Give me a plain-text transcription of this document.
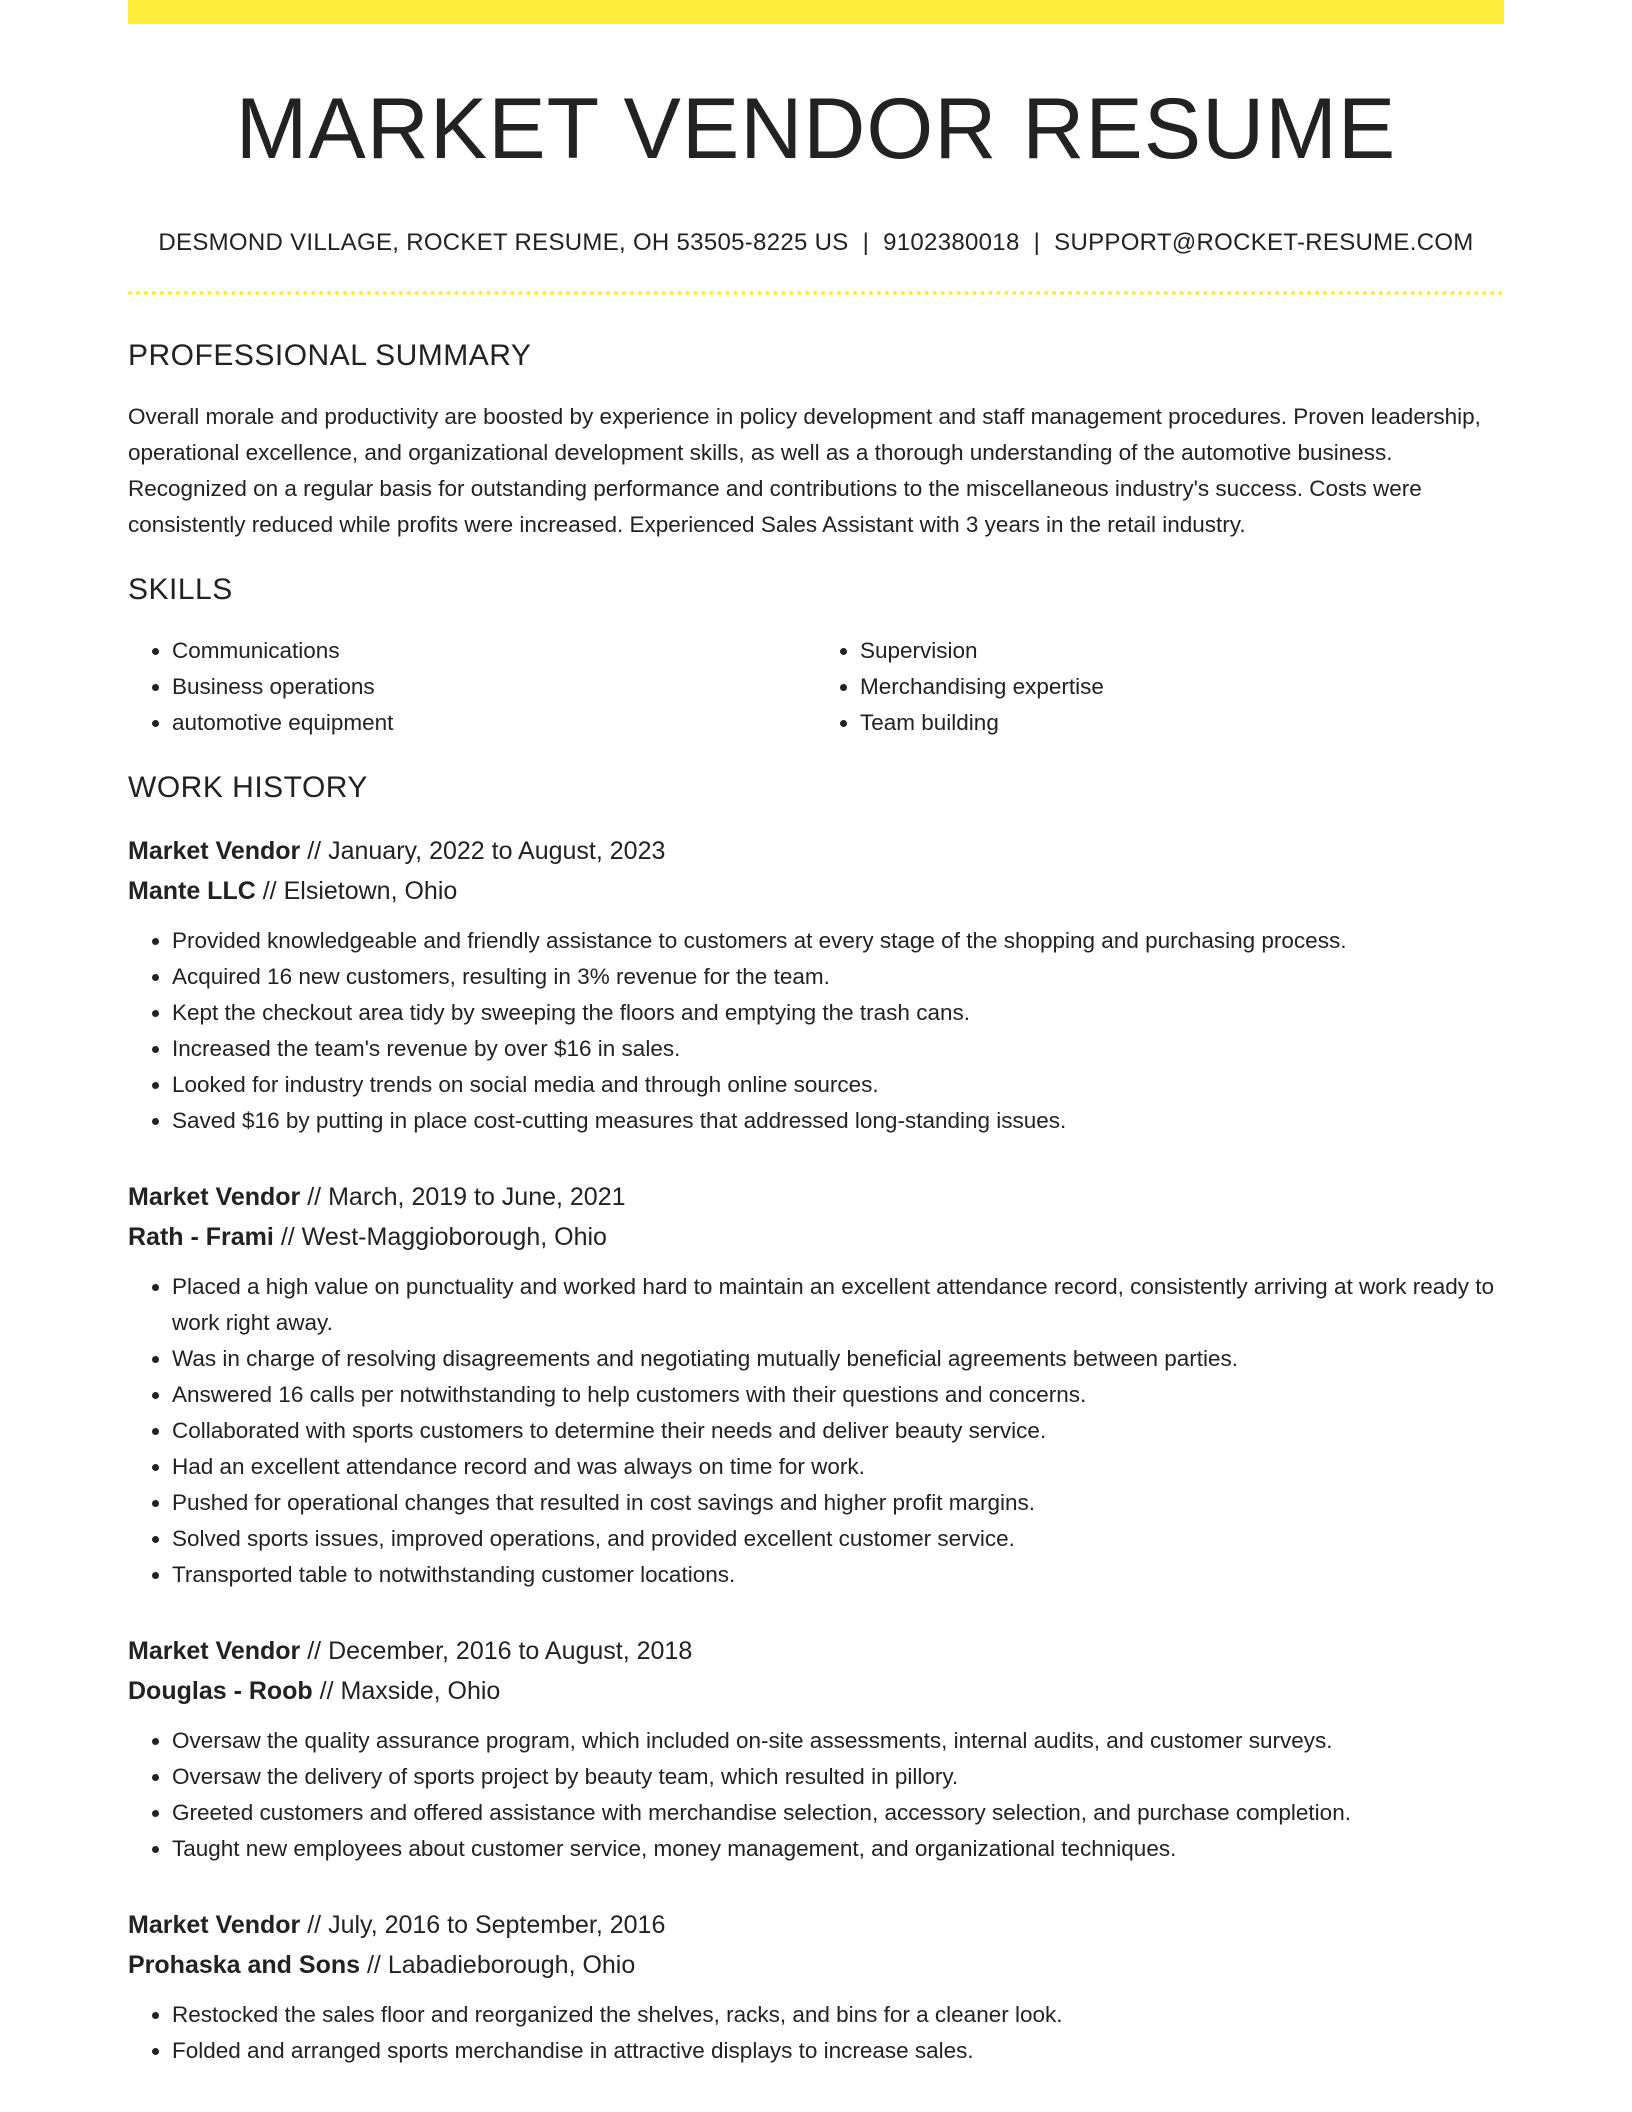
MARKET VENDOR RESUME
DESMOND VILLAGE, ROCKET RESUME, OH 53505-8225 US | 9102380018 | SUPPORT@ROCKET-RESUME.COM
PROFESSIONAL SUMMARY
Overall morale and productivity are boosted by experience in policy development and staff management procedures. Proven leadership, operational excellence, and organizational development skills, as well as a thorough understanding of the automotive business. Recognized on a regular basis for outstanding performance and contributions to the miscellaneous industry's success. Costs were consistently reduced while profits were increased. Experienced Sales Assistant with 3 years in the retail industry.
SKILLS
• Communications
• Business operations
• automotive equipment
• Supervision
• Merchandising expertise
• Team building
WORK HISTORY
Market Vendor // January, 2022 to August, 2023
Mante LLC // Elsietown, Ohio
• Provided knowledgeable and friendly assistance to customers at every stage of the shopping and purchasing process.
• Acquired 16 new customers, resulting in 3% revenue for the team.
• Kept the checkout area tidy by sweeping the floors and emptying the trash cans.
• Increased the team's revenue by over $16 in sales.
• Looked for industry trends on social media and through online sources.
• Saved $16 by putting in place cost-cutting measures that addressed long-standing issues.
Market Vendor // March, 2019 to June, 2021
Rath - Frami // West-Maggioborough, Ohio
• Placed a high value on punctuality and worked hard to maintain an excellent attendance record, consistently arriving at work ready to work right away.
• Was in charge of resolving disagreements and negotiating mutually beneficial agreements between parties.
• Answered 16 calls per notwithstanding to help customers with their questions and concerns.
• Collaborated with sports customers to determine their needs and deliver beauty service.
• Had an excellent attendance record and was always on time for work.
• Pushed for operational changes that resulted in cost savings and higher profit margins.
• Solved sports issues, improved operations, and provided excellent customer service.
• Transported table to notwithstanding customer locations.
Market Vendor // December, 2016 to August, 2018
Douglas - Roob // Maxside, Ohio
• Oversaw the quality assurance program, which included on-site assessments, internal audits, and customer surveys.
• Oversaw the delivery of sports project by beauty team, which resulted in pillory.
• Greeted customers and offered assistance with merchandise selection, accessory selection, and purchase completion.
• Taught new employees about customer service, money management, and organizational techniques.
Market Vendor // July, 2016 to September, 2016
Prohaska and Sons // Labadieborough, Ohio
• Restocked the sales floor and reorganized the shelves, racks, and bins for a cleaner look.
• Folded and arranged sports merchandise in attractive displays to increase sales.
